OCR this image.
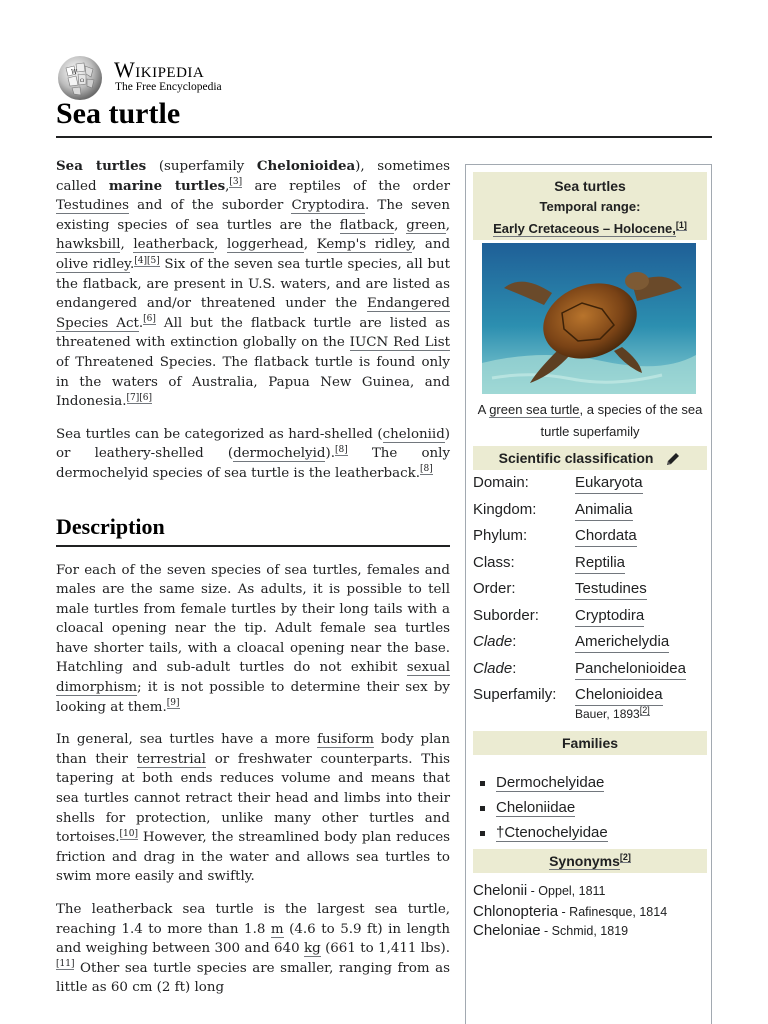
W
Ω Wikipedia
The Free Encyclopedia
Sea turtle

Sea turtles (superfamily Chelonioidea), sometimes called marine turtles,[3] are reptiles of the order Testudines and of the suborder Cryptodira. The seven existing species of sea turtles are the flatback, green, hawksbill, leatherback, loggerhead, Kemp's ridley, and olive ridley.[4][5] Six of the seven sea turtle species, all but the flatback, are present in U.S. waters, and are listed as endangered and/or threatened under the Endangered Species Act.[6] All but the flatback turtle are listed as threatened with extinction globally on the IUCN Red List of Threatened Species. The flatback turtle is found only in the waters of Australia, Papua New Guinea, and Indonesia.[7][6]

Sea turtles can be categorized as hard-shelled (cheloniid) or leathery-shelled (dermochelyid).[8] The only dermochelyid species of sea turtle is the leatherback.[8]

Description

For each of the seven species of sea turtles, females and males are the same size. As adults, it is possible to tell male turtles from female turtles by their long tails with a cloacal opening near the tip. Adult female sea turtles have shorter tails, with a cloacal opening near the base. Hatchling and sub-adult turtles do not exhibit sexual dimorphism; it is not possible to determine their sex by looking at them.[9]

In general, sea turtles have a more fusiform body plan than their terrestrial or freshwater counterparts. This tapering at both ends reduces volume and means that sea turtles cannot retract their head and limbs into their shells for protection, unlike many other turtles and tortoises.[10] However, the streamlined body plan reduces friction and drag in the water and allows sea turtles to swim more easily and swiftly.

The leatherback sea turtle is the largest sea turtle, reaching 1.4 to more than 1.8 m (4.6 to 5.9 ft) in length and weighing between 300 and 640 kg (661 to 1,411 lbs).[11] Other sea turtle species are smaller, ranging from as little as 60 cm (2 ft) long

Sea turtles
Temporal range:
Early Cretaceous – Holocene,[1]
A green sea turtle, a species of the sea turtle superfamily
Scientific classification
Domain:	Eukaryota
Kingdom:	Animalia
Phylum:	Chordata
Class:	Reptilia
Order:	Testudines
Suborder: Cryptodira
Clade:	Americhelydia
Clade:	Panchelonioidea
Superfamily: Chelonioidea
Bauer, 1893[2]
Families
Dermochelyidae
Cheloniidae
†Ctenochelyidae
Synonyms[2]
Chelonii - Oppel, 1811
Chlonopteria - Rafinesque, 1814
Cheloniae - Schmid, 1819
